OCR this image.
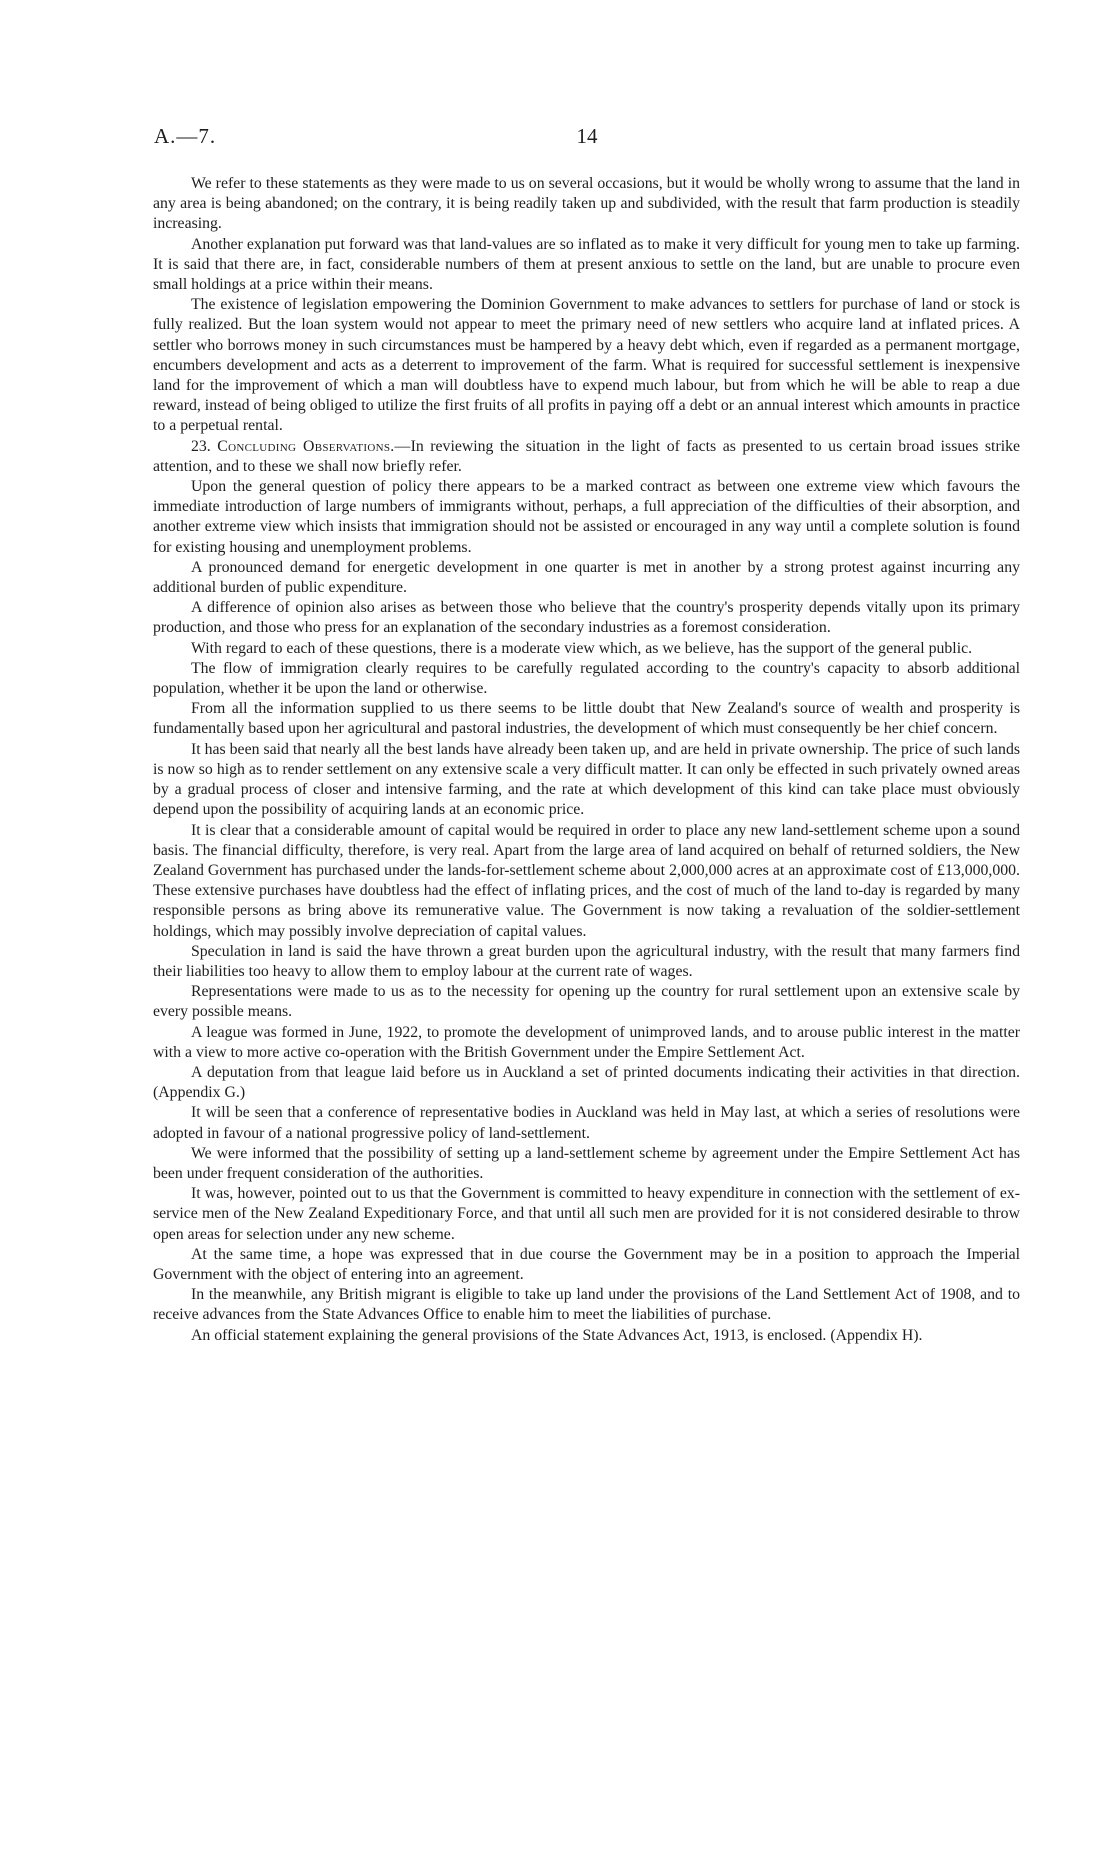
A.—7.	14

We refer to these statements as they were made to us on several occasions, but it would be wholly wrong to assume that the land in any area is being abandoned; on the contrary, it is being readily taken up and subdivided, with the result that farm production is steadily increasing.

Another explanation put forward was that land-values are so inflated as to make it very difficult for young men to take up farming. It is said that there are, in fact, considerable numbers of them at present anxious to settle on the land, but are unable to procure even small holdings at a price within their means.

The existence of legislation empowering the Dominion Government to make advances to settlers for purchase of land or stock is fully realized. But the loan system would not appear to meet the primary need of new settlers who acquire land at inflated prices. A settler who borrows money in such circumstances must be hampered by a heavy debt which, even if regarded as a permanent mortgage, encumbers development and acts as a deterrent to improvement of the farm. What is required for successful settlement is inexpensive land for the improvement of which a man will doubtless have to expend much labour, but from which he will be able to reap a due reward, instead of being obliged to utilize the first fruits of all profits in paying off a debt or an annual interest which amounts in practice to a perpetual rental.

23. Concluding Observations.—In reviewing the situation in the light of facts as presented to us certain broad issues strike attention, and to these we shall now briefly refer.

Upon the general question of policy there appears to be a marked contract as between one extreme view which favours the immediate introduction of large numbers of immigrants without, perhaps, a full appreciation of the difficulties of their absorption, and another extreme view which insists that immigration should not be assisted or encouraged in any way until a complete solution is found for existing housing and unemployment problems.

A pronounced demand for energetic development in one quarter is met in another by a strong protest against incurring any additional burden of public expenditure.

A difference of opinion also arises as between those who believe that the country's prosperity depends vitally upon its primary production, and those who press for an explanation of the secondary industries as a foremost consideration.

With regard to each of these questions, there is a moderate view which, as we believe, has the support of the general public.

The flow of immigration clearly requires to be carefully regulated according to the country's capacity to absorb additional population, whether it be upon the land or otherwise.

From all the information supplied to us there seems to be little doubt that New Zealand's source of wealth and prosperity is fundamentally based upon her agricultural and pastoral industries, the development of which must consequently be her chief concern.

It has been said that nearly all the best lands have already been taken up, and are held in private ownership. The price of such lands is now so high as to render settlement on any extensive scale a very difficult matter. It can only be effected in such privately owned areas by a gradual process of closer and intensive farming, and the rate at which development of this kind can take place must obviously depend upon the possibility of acquiring lands at an economic price.

It is clear that a considerable amount of capital would be required in order to place any new land-settlement scheme upon a sound basis. The financial difficulty, therefore, is very real. Apart from the large area of land acquired on behalf of returned soldiers, the New Zealand Government has purchased under the lands-for-settlement scheme about 2,000,000 acres at an approximate cost of £13,000,000. These extensive purchases have doubtless had the effect of inflating prices, and the cost of much of the land to-day is regarded by many responsible persons as bring above its remunerative value. The Government is now taking a revaluation of the soldier-settlement holdings, which may possibly involve depreciation of capital values.

Speculation in land is said the have thrown a great burden upon the agricultural industry, with the result that many farmers find their liabilities too heavy to allow them to employ labour at the current rate of wages.

Representations were made to us as to the necessity for opening up the country for rural settlement upon an extensive scale by every possible means.

A league was formed in June, 1922, to promote the development of unimproved lands, and to arouse public interest in the matter with a view to more active co-operation with the British Government under the Empire Settlement Act.

A deputation from that league laid before us in Auckland a set of printed documents indicating their activities in that direction. (Appendix G.)

It will be seen that a conference of representative bodies in Auckland was held in May last, at which a series of resolutions were adopted in favour of a national progressive policy of land-settlement.

We were informed that the possibility of setting up a land-settlement scheme by agreement under the Empire Settlement Act has been under frequent consideration of the authorities.

It was, however, pointed out to us that the Government is committed to heavy expenditure in connection with the settlement of ex-service men of the New Zealand Expeditionary Force, and that until all such men are provided for it is not considered desirable to throw open areas for selection under any new scheme.

At the same time, a hope was expressed that in due course the Government may be in a position to approach the Imperial Government with the object of entering into an agreement.

In the meanwhile, any British migrant is eligible to take up land under the provisions of the Land Settlement Act of 1908, and to receive advances from the State Advances Office to enable him to meet the liabilities of purchase.

An official statement explaining the general provisions of the State Advances Act, 1913, is enclosed. (Appendix H).
